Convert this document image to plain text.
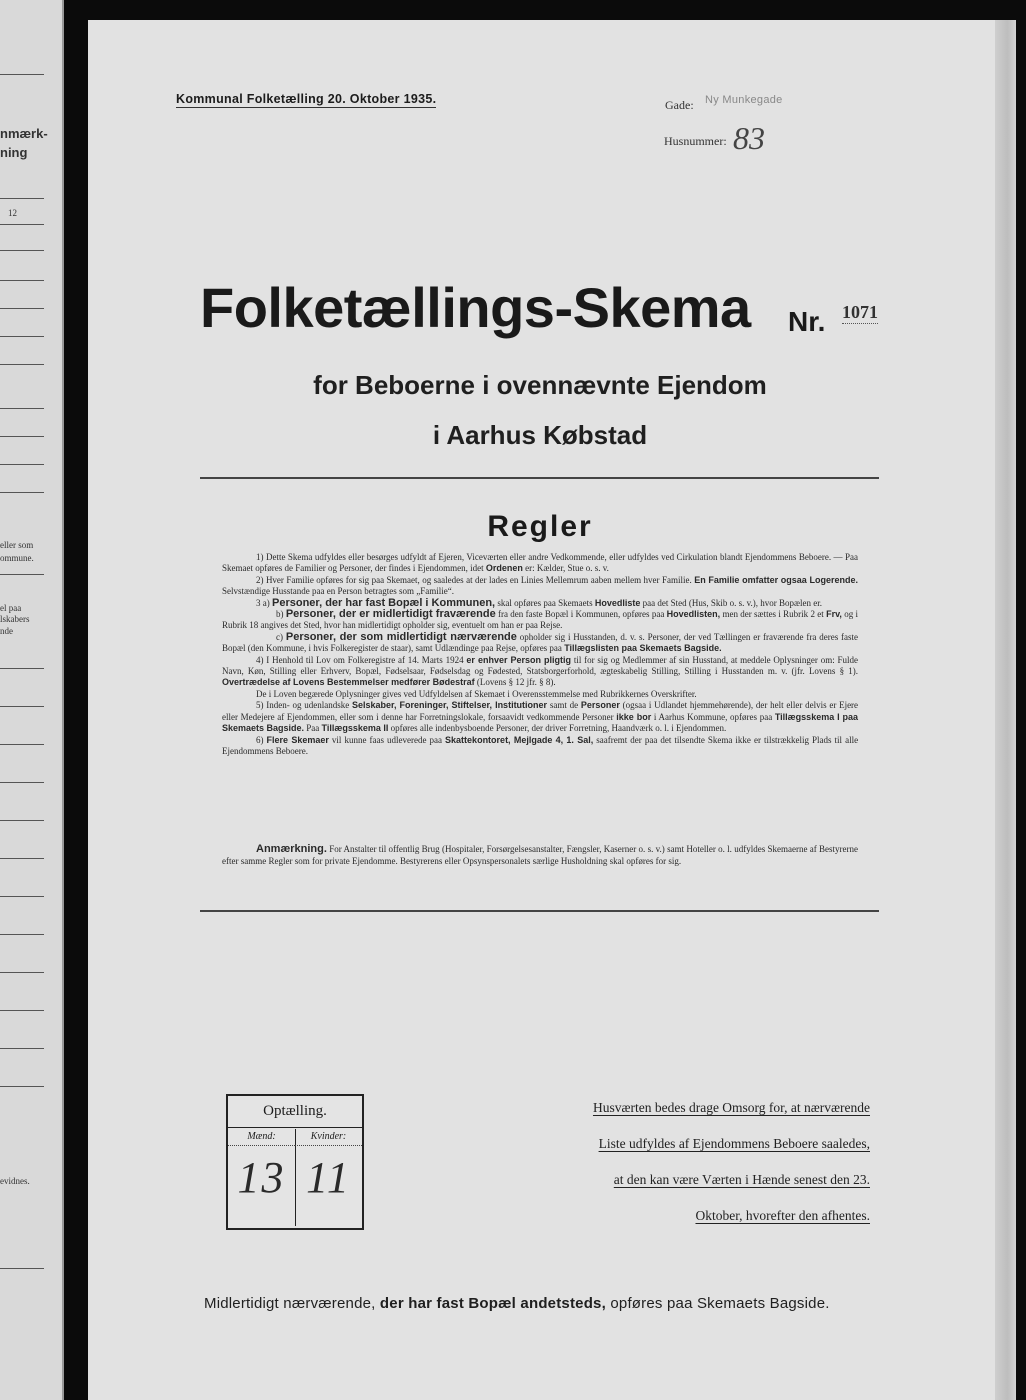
nmærk-
ning
12
eller som
ommune.
el paa
lskabers
nde
evidnes.
Kommunal Folketælling 20. Oktober 1935.	Gade: Ny Munkegade
Husnummer: 83
Folketællings-Skema Nr. 1071
for Beboerne i ovennævnte Ejendom
i Aarhus Købstad
Regler

1) Dette Skema udfyldes eller besørges udfyldt af Ejeren, Viceværten eller andre Vedkommende, eller udfyldes ved Cirkulation blandt Ejendommens Beboere. — Paa Skemaet opføres de Familier og Personer, der findes i Ejendommen, idet Ordenen er: Kælder, Stue o. s. v.

2) Hver Familie opføres for sig paa Skemaet, og saaledes at der lades en Linies Mellemrum aaben mellem hver Familie. En Familie omfatter ogsaa Logerende. Selvstændige Husstande paa en Person betragtes som „Familie“.

3 a) Personer, der har fast Bopæl i Kommunen, skal opføres paa Skemaets Hovedliste paa det Sted (Hus, Skib o. s. v.), hvor Bopælen er.

b) Personer, der er midlertidigt fraværende fra den faste Bopæl i Kommunen, opføres paa Hovedlisten, men der sættes i Rubrik 2 et Frv, og i Rubrik 18 angives det Sted, hvor han midlertidigt opholder sig, eventuelt om han er paa Rejse.

c) Personer, der som midlertidigt nærværende opholder sig i Husstanden, d. v. s. Personer, der ved Tællingen er fraværende fra deres faste Bopæl (den Kommune, i hvis Folkeregister de staar), samt Udlændinge paa Rejse, opføres paa Tillægslisten paa Skemaets Bagside.

4) I Henhold til Lov om Folkeregistre af 14. Marts 1924 er enhver Person pligtig til for sig og Medlemmer af sin Husstand, at meddele Oplysninger om: Fulde Navn, Køn, Stilling eller Erhverv, Bopæl, Fødselsaar, Fødselsdag og Fødested, Statsborgerforhold, ægteskabelig Stilling, Stilling i Husstanden m. v. (jfr. Lovens § 1). Overtrædelse af Lovens Bestemmelser medfører Bødestraf (Lovens § 12 jfr. § 8).

De i Loven begærede Oplysninger gives ved Udfyldelsen af Skemaet i Overensstemmelse med Rubrikkernes Overskrifter.

5) Inden- og udenlandske Selskaber, Foreninger, Stiftelser, Institutioner samt de Personer (ogsaa i Udlandet hjemmehørende), der helt eller delvis er Ejere eller Medejere af Ejendommen, eller som i denne har Forretningslokale, forsaavidt vedkommende Personer ikke bor i Aarhus Kommune, opføres paa Tillægsskema I paa Skemaets Bagside. Paa Tillægsskema II opføres alle indenbysboende Personer, der driver Forretning, Haandværk o. l. i Ejendommen.

6) Flere Skemaer vil kunne faas udleverede paa Skattekontoret, Mejlgade 4, 1. Sal, saafremt der paa det tilsendte Skema ikke er tilstrækkelig Plads til alle Ejendommens Beboere.

Anmærkning. For Anstalter til offentlig Brug (Hospitaler, Forsørgelsesanstalter, Fængsler, Kaserner o. s. v.) samt Hoteller o. l. udfyldes Skemaerne af Bestyrerne efter samme Regler som for private Ejendomme. Bestyrerens eller Opsynspersonalets særlige Husholdning skal opføres for sig.

Optælling.
Mænd:
13
Kvinder:
11
Husværten bedes drage Omsorg for, at nærværende
Liste udfyldes af Ejendommens Beboere saaledes,
at den kan være Værten i Hænde senest den 23.
Oktober, hvorefter den afhentes.
Midlertidigt nærværende, der har fast Bopæl andetsteds, opføres paa Skemaets Bagside.
